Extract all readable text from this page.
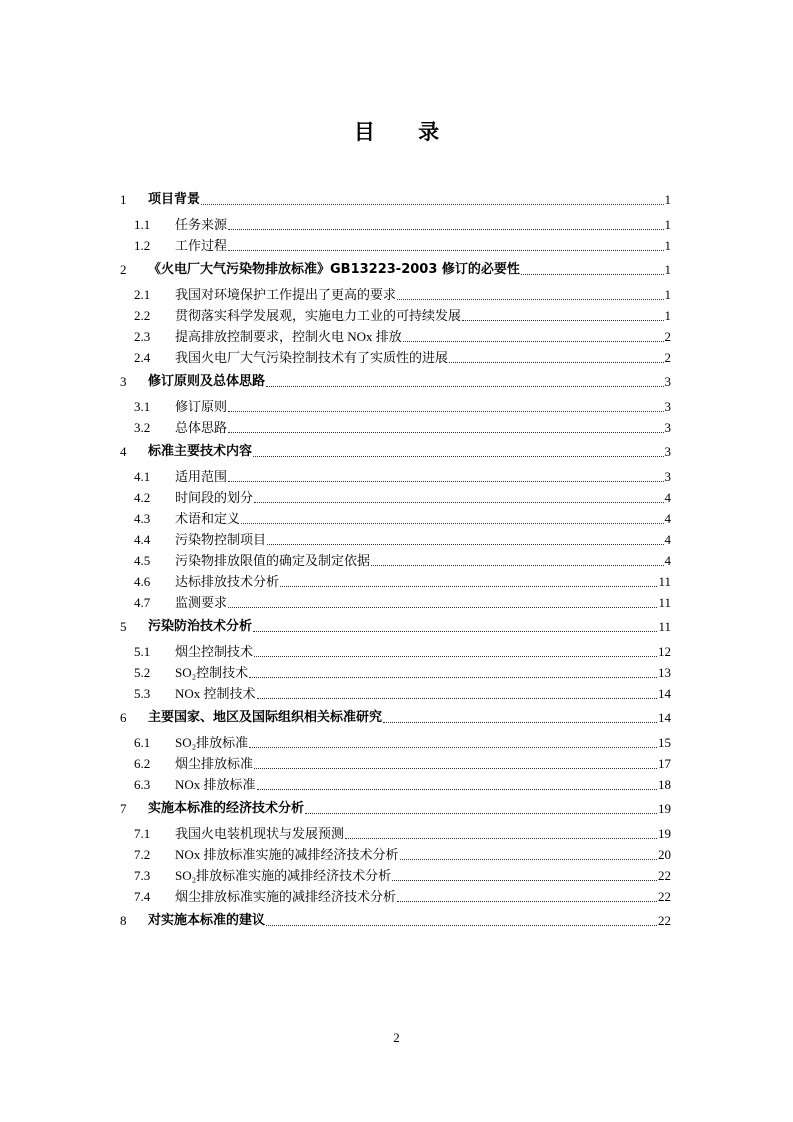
目 录
1	项目背景	1
1.1	任务来源	1
1.2	工作过程	1
2	《火电厂大气污染物排放标准》GB13223-2003 修订的必要性	1
2.1	我国对环境保护工作提出了更高的要求	1
2.2	贯彻落实科学发展观，实施电力工业的可持续发展	1
2.3	提高排放控制要求，控制火电 NOx 排放	2
2.4	我国火电厂大气污染控制技术有了实质性的进展	2
3	修订原则及总体思路	3
3.1	修订原则	3
3.2	总体思路	3
4	标准主要技术内容	3
4.1	适用范围	3
4.2	时间段的划分	4
4.3	术语和定义	4
4.4	污染物控制项目	4
4.5	污染物排放限值的确定及制定依据	4
4.6	达标排放技术分析	11
4.7	监测要求	11
5	污染防治技术分析	11
5.1	烟尘控制技术	12
5.2	SO₂控制技术	13
5.3	NOx 控制技术	14
6	主要国家、地区及国际组织相关标准研究	14
6.1	SO₂排放标准	15
6.2	烟尘排放标准	17
6.3	NOx 排放标准	18
7	实施本标准的经济技术分析	19
7.1	我国火电装机现状与发展预测	19
7.2	NOx 排放标准实施的减排经济技术分析	20
7.3	SO₂排放标准实施的减排经济技术分析	22
7.4	烟尘排放标准实施的减排经济技术分析	22
8	对实施本标准的建议	22
2
